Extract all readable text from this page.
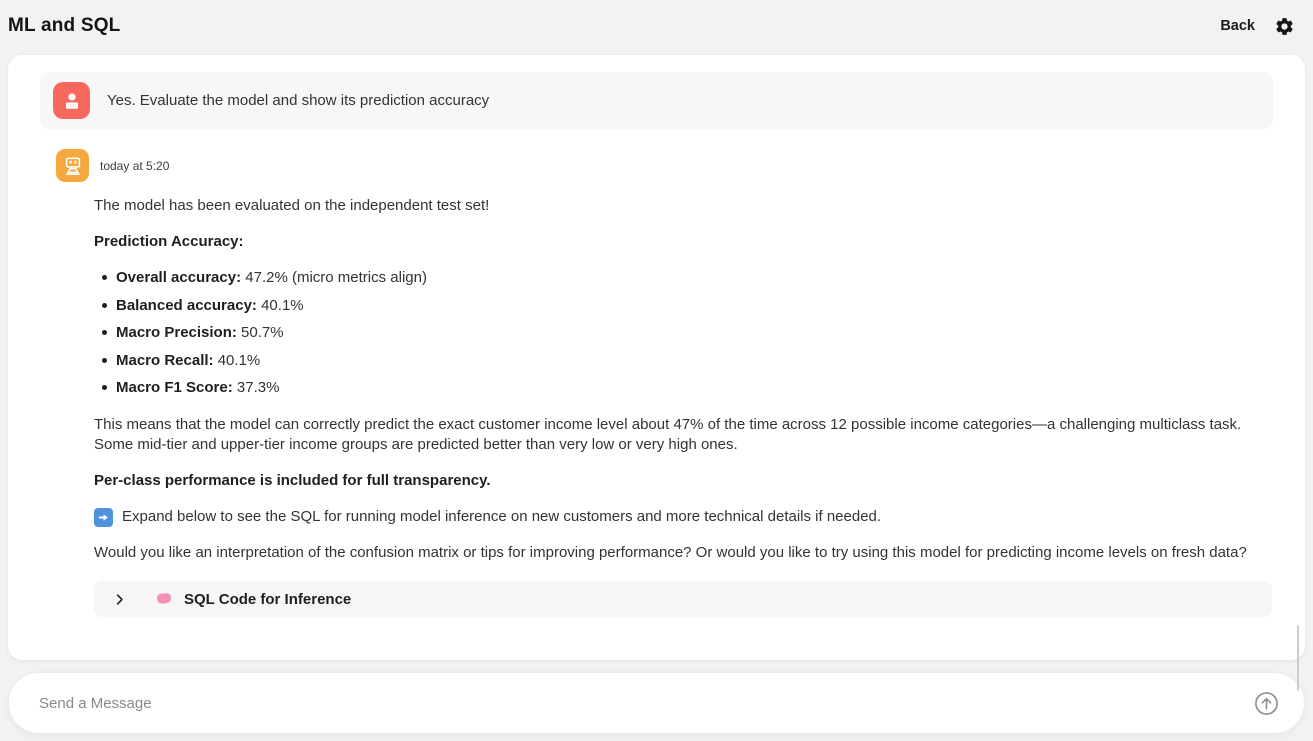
ML and SQL	Back
Yes. Evaluate the model and show its prediction accuracy
today at 5:20

The model has been evaluated on the independent test set!

Prediction Accuracy:

Overall accuracy: 47.2% (micro metrics align)
Balanced accuracy: 40.1%
Macro Precision: 50.7%
Macro Recall: 40.1%
Macro F1 Score: 37.3%

This means that the model can correctly predict the exact customer income level about 47% of the time across 12 possible income categories—a challenging multiclass task. Some mid-tier and upper-tier income groups are predicted better than very low or very high ones.

Per-class performance is included for full transparency.

Expand below to see the SQL for running model inference on new customers and more technical details if needed.

Would you like an interpretation of the confusion matrix or tips for improving performance? Or would you like to try using this model for predicting income levels on fresh data?

SQL Code for Inference
Send a Message
